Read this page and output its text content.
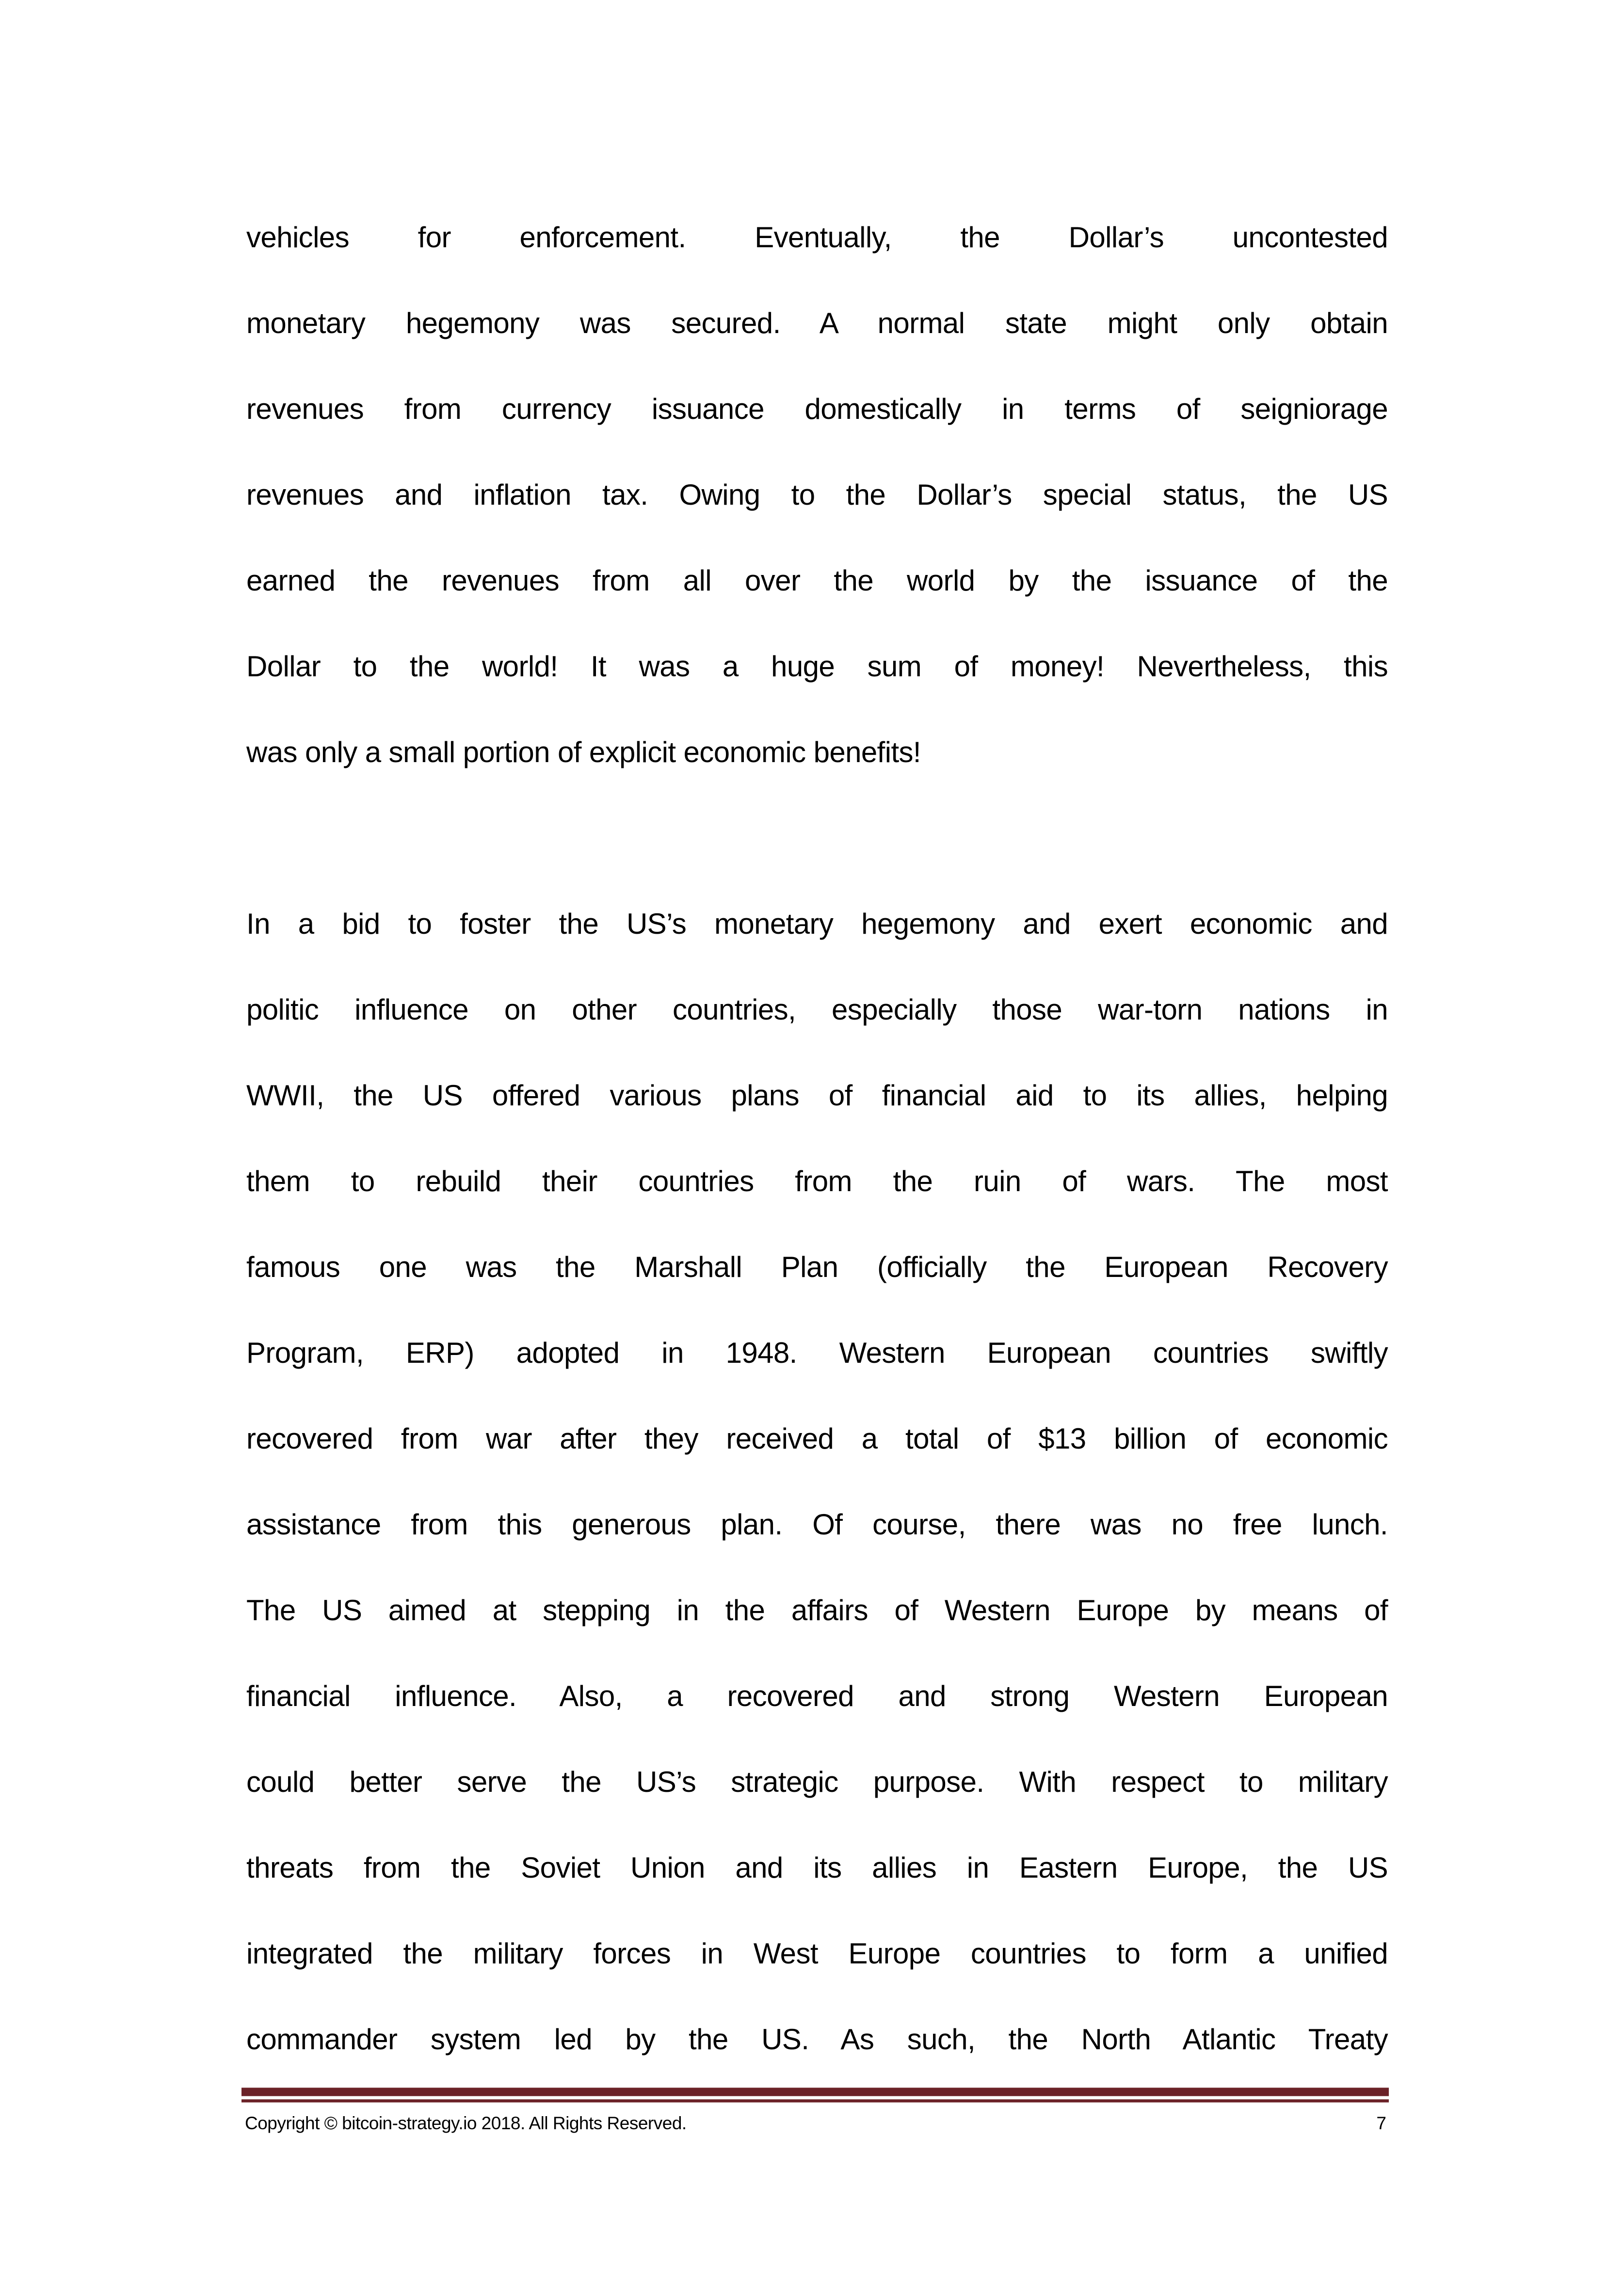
vehicles for enforcement. Eventually, the Dollar’s uncontested
monetary hegemony was secured. A normal state might only obtain
revenues from currency issuance domestically in terms of seigniorage
revenues and inflation tax. Owing to the Dollar’s special status, the US
earned the revenues from all over the world by the issuance of the
Dollar to the world! It was a huge sum of money! Nevertheless, this
was only a small portion of explicit economic benefits!
In a bid to foster the US’s monetary hegemony and exert economic and
politic influence on other countries, especially those war-torn nations in
WWII, the US offered various plans of financial aid to its allies, helping
them to rebuild their countries from the ruin of wars. The most
famous one was the Marshall Plan (officially the European Recovery
Program, ERP) adopted in 1948. Western European countries swiftly
recovered from war after they received a total of $13 billion of economic
assistance from this generous plan. Of course, there was no free lunch.
The US aimed at stepping in the affairs of Western Europe by means of
financial influence. Also, a recovered and strong Western European
could better serve the US’s strategic purpose. With respect to military
threats from the Soviet Union and its allies in Eastern Europe, the US
integrated the military forces in West Europe countries to form a unified
commander system led by the US. As such, the North Atlantic Treaty
Copyright © bitcoin-strategy.io 2018. All Rights Reserved.	7
